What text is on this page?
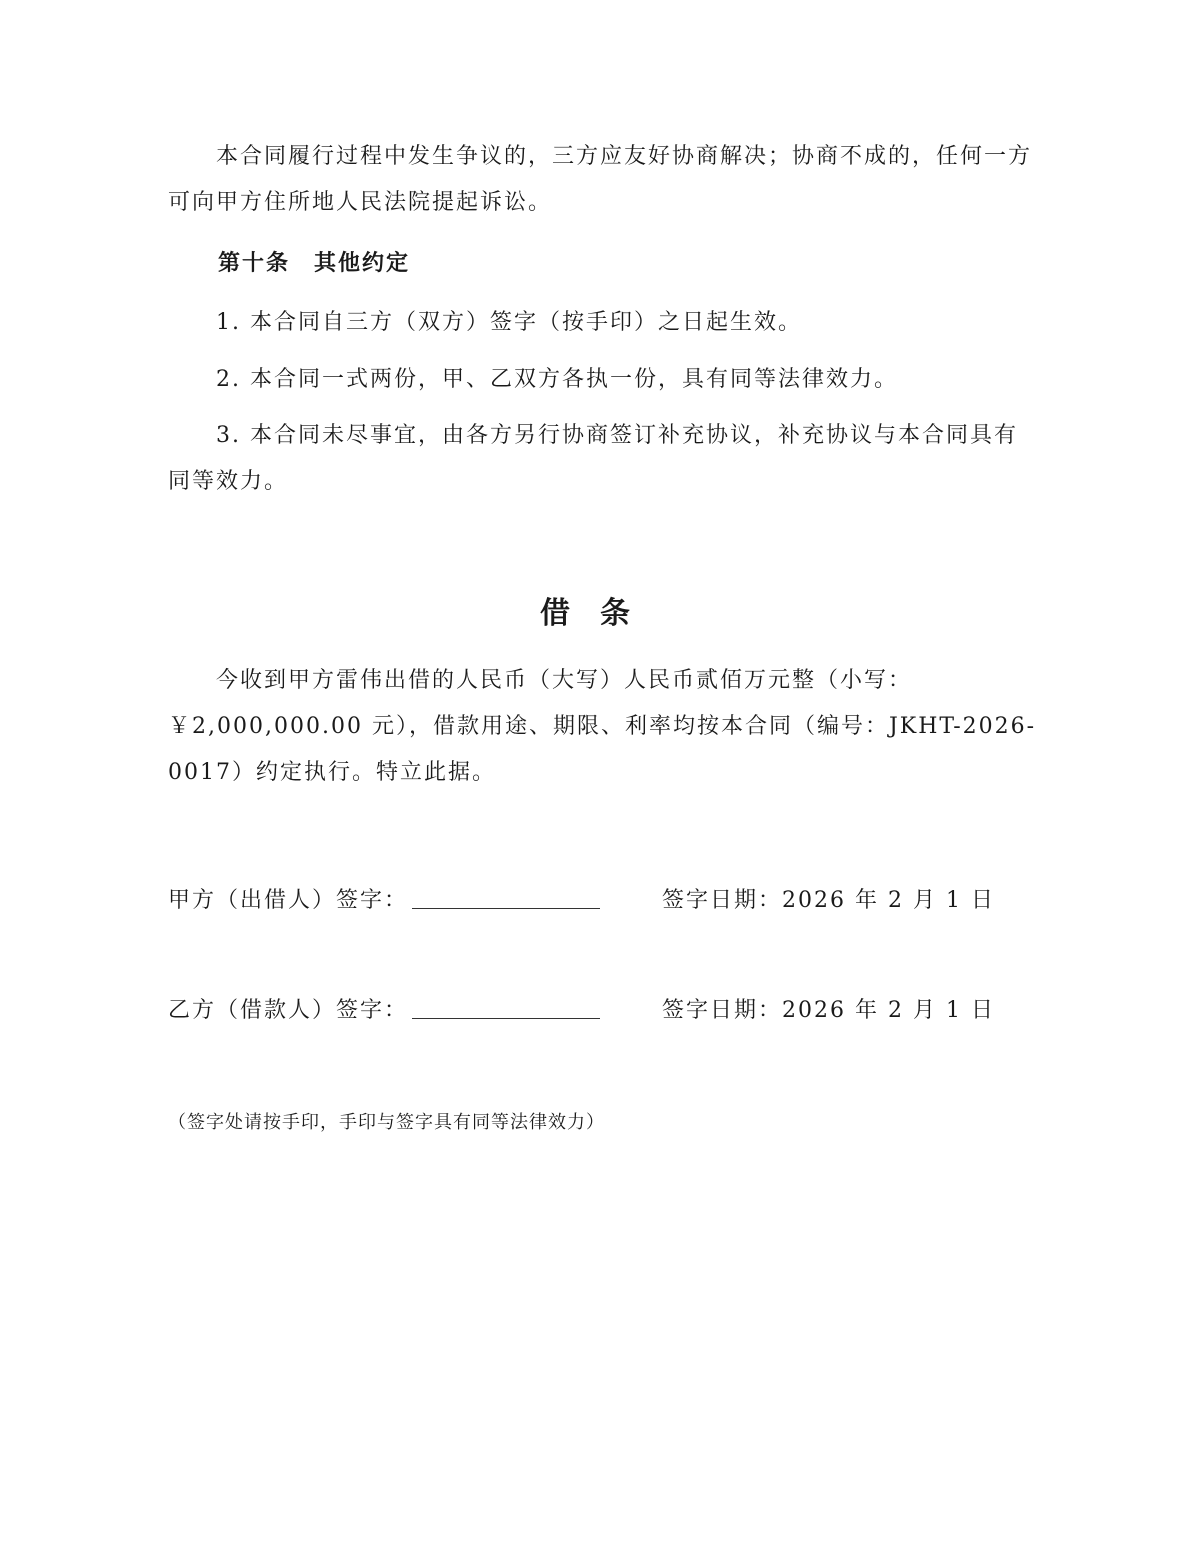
本合同履行过程中发生争议的，三方应友好协商解决；协商不成的，任何一方可向甲方住所地人民法院提起诉讼。

第十条　其他约定

1. 本合同自三方（双方）签字（按手印）之日起生效。

2. 本合同一式两份，甲、乙双方各执一份，具有同等法律效力。

3. 本合同未尽事宜，由各方另行协商签订补充协议，补充协议与本合同具有同等效力。

借条

今收到甲方雷伟出借的人民币（大写）人民币贰佰万元整（小写：￥2,000,000.00 元），借款用途、期限、利率均按本合同（编号：JKHT-2026-0017）约定执行。特立此据。

甲方（出借人）签字：	签字日期：2026 年 2 月 1 日

乙方（借款人）签字：	签字日期：2026 年 2 月 1 日

（签字处请按手印，手印与签字具有同等法律效力）
